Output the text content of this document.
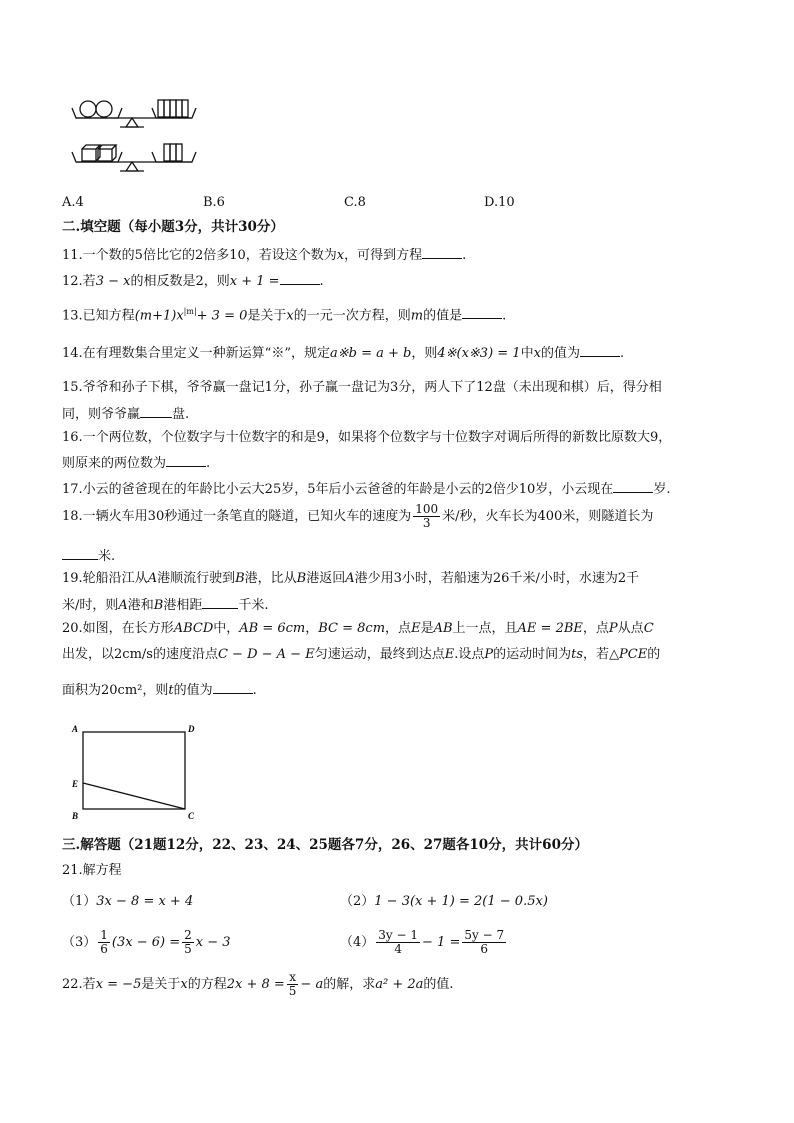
A.4	B.6	C.8	D.10
二.填空题（每小题3分，共计30分）
11.一个数的5倍比它的2倍多10，若设这个数为x，可得到方程	.
12.若3 − x的相反数是2，则x + 1 =	.
13.已知方程$(m+1)x^{|m|}+ 3 = 0$是关于x的一元一次方程，则m的值是	.
14.在有理数集合里定义一种新运算“※”，规定a※b = a + b，则4※(x※3) = 1中x的值为	.
15.爷爷和孙子下棋，爷爷赢一盘记1分，孙子赢一盘记为3分，两人下了12盘（未出现和棋）后，得分相
同，则爷爷赢 盘.
16.一个两位数，个位数字与十位数字的和是9，如果将个位数字与十位数字对调后所得的新数比原数大9，
则原来的两位数为	.
17.小云的爸爸现在的年龄比小云大25岁，5年后小云爸爸的年龄是小云的2倍少10岁，小云现在	岁.
18.一辆火车用30秒通过一条笔直的隧道，已知火车的速度为 $\frac{100}{3}$ 米/秒，火车长为400米，则隧道长为
米.
19.轮船沿江从A港顺流行驶到B港，比从B港返回A港少用3小时，若船速为26千米/小时，水速为2千
米/时，则A港和B港相距	千米.
20.如图，在长方形ABCD中，AB = 6cm，BC = 8cm，点E是AB上一点，且AE = 2BE，点P从点C
出发，以2cm/s的速度沿点C − D − A − E匀速运动，最终到达点E.设点P的运动时间为ts，若△PCE的
面积为20cm²，则t的值为	.
A	D
E
B	C
三.解答题（21题12分，22、23、24、25题各7分，26、27题各10分，共计60分）
21.解方程
（1）3x − 8 = x + 4	（2）1 − 3(x + 1) = 2(1 − 0.5x)
$(3) \frac{1}{6} (3x - 6) = \frac{2}{5}$ x − 3	$(4) \frac{3y - 1}{4} - 1 = \frac{5y - 7}{6}$
22.若x = −5是关于x的方程$2x + 8 = \frac{x}{5} - a$的解，求a² + 2a的值.
